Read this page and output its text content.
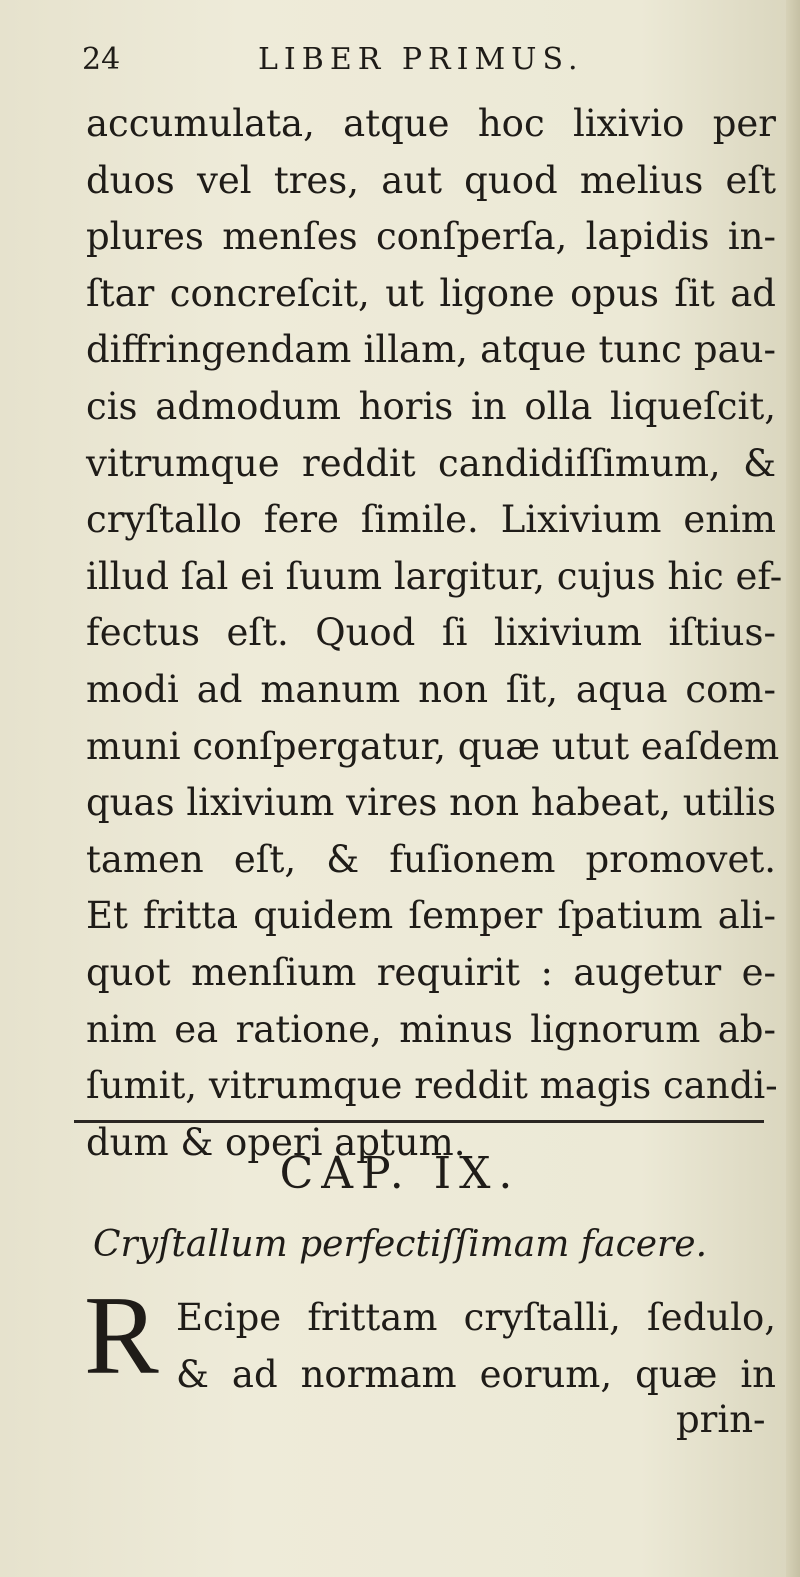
24	LIBER PRIMUS.
accumulata, atque hoc lixivio per
duos vel tres, aut quod melius eſt
plures menſes conſperſa, lapidis in-
ſtar concreſcit, ut ligone opus ſit ad
diffringendam illam, atque tunc pau-
cis admodum horis in olla liqueſcit,
vitrumque reddit candidiſſimum, &
cryſtallo fere ſimile. Lixivium enim
illud ſal ei ſuum largitur, cujus hic ef-
fectus eſt. Quod ſi lixivium iſtius-
modi ad manum non ſit, aqua com-
muni conſpergatur, quæ utut eaſdem
quas lixivium vires non habeat, utilis
tamen eſt, & fuſionem promovet.
Et fritta quidem ſemper ſpatium ali-
quot menſium requirit : augetur e-
nim ea ratione, minus lignorum ab-
ſumit, vitrumque reddit magis candi-
dum & operi aptum.
CAP. IX.
Cryſtallum perfectiſſimam facere.
R Ecipe frittam cryſtalli, ſedulo,
& ad normam eorum, quæ in
prin-
